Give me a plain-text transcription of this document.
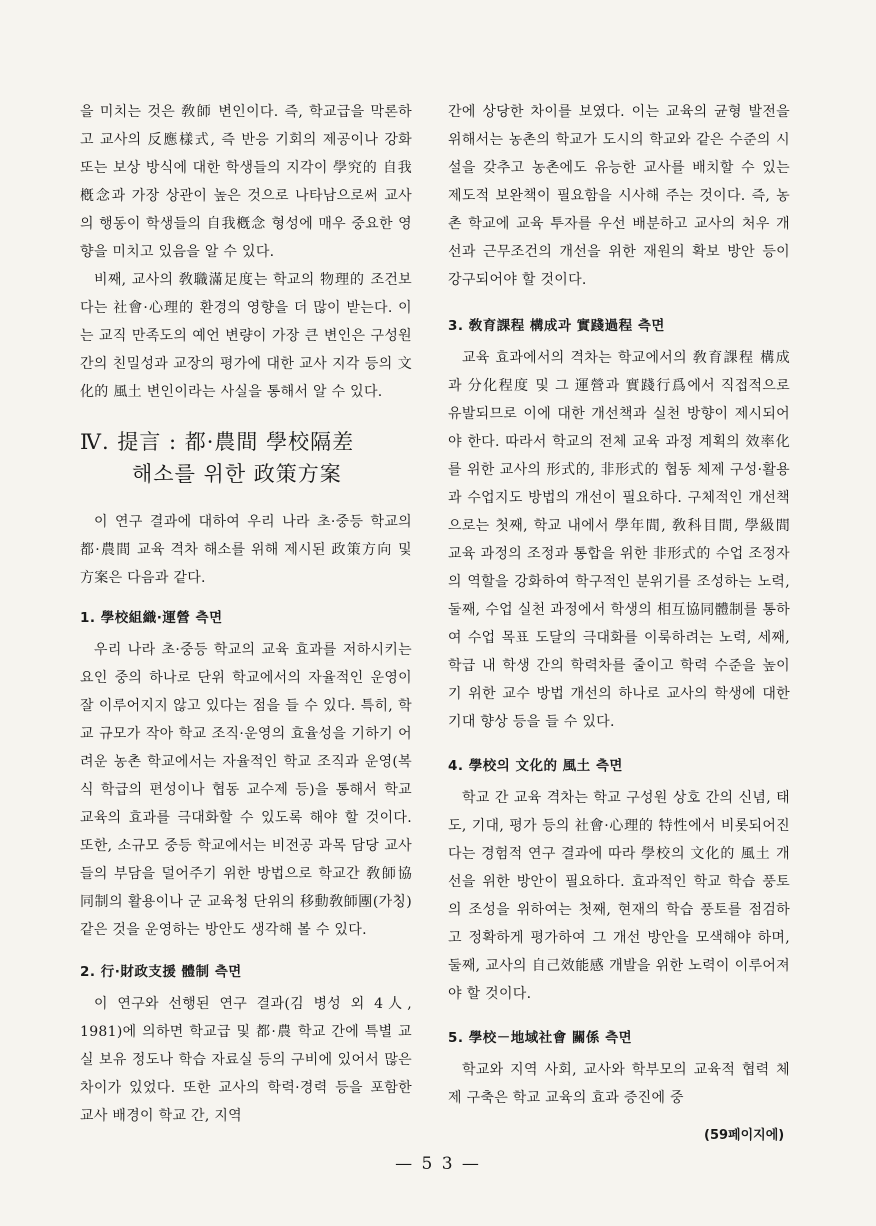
을 미치는 것은 敎師 변인이다. 즉, 학교급을 막론하고 교사의 反應樣式, 즉 반응 기회의 제공이나 강화 또는 보상 방식에 대한 학생들의 지각이 學究的 自我槪念과 가장 상관이 높은 것으로 나타남으로써 교사의 행동이 학생들의 自我槪念 형성에 매우 중요한 영향을 미치고 있음을 알 수 있다.

비째, 교사의 敎職滿足度는 학교의 物理的 조건보다는 社會·心理的 환경의 영향을 더 많이 받는다. 이는 교직 만족도의 예언 변량이 가장 큰 변인은 구성원 간의 친밀성과 교장의 평가에 대한 교사 지각 등의 文化的 風土 변인이라는 사실을 통해서 알 수 있다.

Ⅳ. 提言 : 都·農間 學校隔差
해소를 위한 政策方案

이 연구 결과에 대하여 우리 나라 초·중등 학교의 都·農間 교육 격차 해소를 위해 제시된 政策方向 및 方案은 다음과 같다.

1. 學校組織·運營 측면

우리 나라 초·중등 학교의 교육 효과를 저하시키는 요인 중의 하나로 단위 학교에서의 자율적인 운영이 잘 이루어지지 않고 있다는 점을 들 수 있다. 특히, 학교 규모가 작아 학교 조직·운영의 효율성을 기하기 어려운 농촌 학교에서는 자율적인 학교 조직과 운영(복식 학급의 편성이나 협동 교수제 등)을 통해서 학교 교육의 효과를 극대화할 수 있도록 해야 할 것이다. 또한, 소규모 중등 학교에서는 비전공 과목 담당 교사들의 부담을 덜어주기 위한 방법으로 학교간 敎師協同制의 활용이나 군 교육청 단위의 移動敎師團(가칭) 같은 것을 운영하는 방안도 생각해 볼 수 있다.

2. 行·財政支援 體制 측면

이 연구와 선행된 연구 결과(김 병성 외 4人, 1981)에 의하면 학교급 및 都·農 학교 간에 특별 교실 보유 정도나 학습 자료실 등의 구비에 있어서 많은 차이가 있었다. 또한 교사의 학력·경력 등을 포함한 교사 배경이 학교 간, 지역

간에 상당한 차이를 보였다. 이는 교육의 균형 발전을 위해서는 농촌의 학교가 도시의 학교와 같은 수준의 시설을 갖추고 농촌에도 유능한 교사를 배치할 수 있는 제도적 보완책이 필요함을 시사해 주는 것이다. 즉, 농촌 학교에 교육 투자를 우선 배분하고 교사의 처우 개선과 근무조건의 개선을 위한 재원의 확보 방안 등이 강구되어야 할 것이다.

3. 敎育課程 構成과 實踐過程 측면

교육 효과에서의 격차는 학교에서의 敎育課程 構成과 分化程度 및 그 運營과 實踐行爲에서 직접적으로 유발되므로 이에 대한 개선책과 실천 방향이 제시되어야 한다. 따라서 학교의 전체 교육 과정 계획의 效率化를 위한 교사의 形式的, 非形式的 협동 체제 구성·활용과 수업지도 방법의 개선이 필요하다. 구체적인 개선책으로는 첫째, 학교 내에서 學年間, 敎科目間, 學級間 교육 과정의 조정과 통합을 위한 非形式的 수업 조정자의 역할을 강화하여 학구적인 분위기를 조성하는 노력, 둘째, 수업 실천 과정에서 학생의 相互協同體制를 통하여 수업 목표 도달의 극대화를 이룩하려는 노력, 세째, 학급 내 학생 간의 학력차를 줄이고 학력 수준을 높이기 위한 교수 방법 개선의 하나로 교사의 학생에 대한 기대 향상 등을 들 수 있다.

4. 學校의 文化的 風土 측면

학교 간 교육 격차는 학교 구성원 상호 간의 신념, 태도, 기대, 평가 등의 社會·心理的 特性에서 비롯되어진다는 경험적 연구 결과에 따라 學校의 文化的 風土 개선을 위한 방안이 필요하다. 효과적인 학교 학습 풍토의 조성을 위하여는 첫째, 현재의 학습 풍토를 점검하고 정확하게 평가하여 그 개선 방안을 모색해야 하며, 둘째, 교사의 自己效能感 개발을 위한 노력이 이루어져야 할 것이다.

5. 學校－地域社會 關係 측면

학교와 지역 사회, 교사와 학부모의 교육적 협력 체제 구축은 학교 교육의 효과 증진에 중

(59페이지에)
— 5 3 —
